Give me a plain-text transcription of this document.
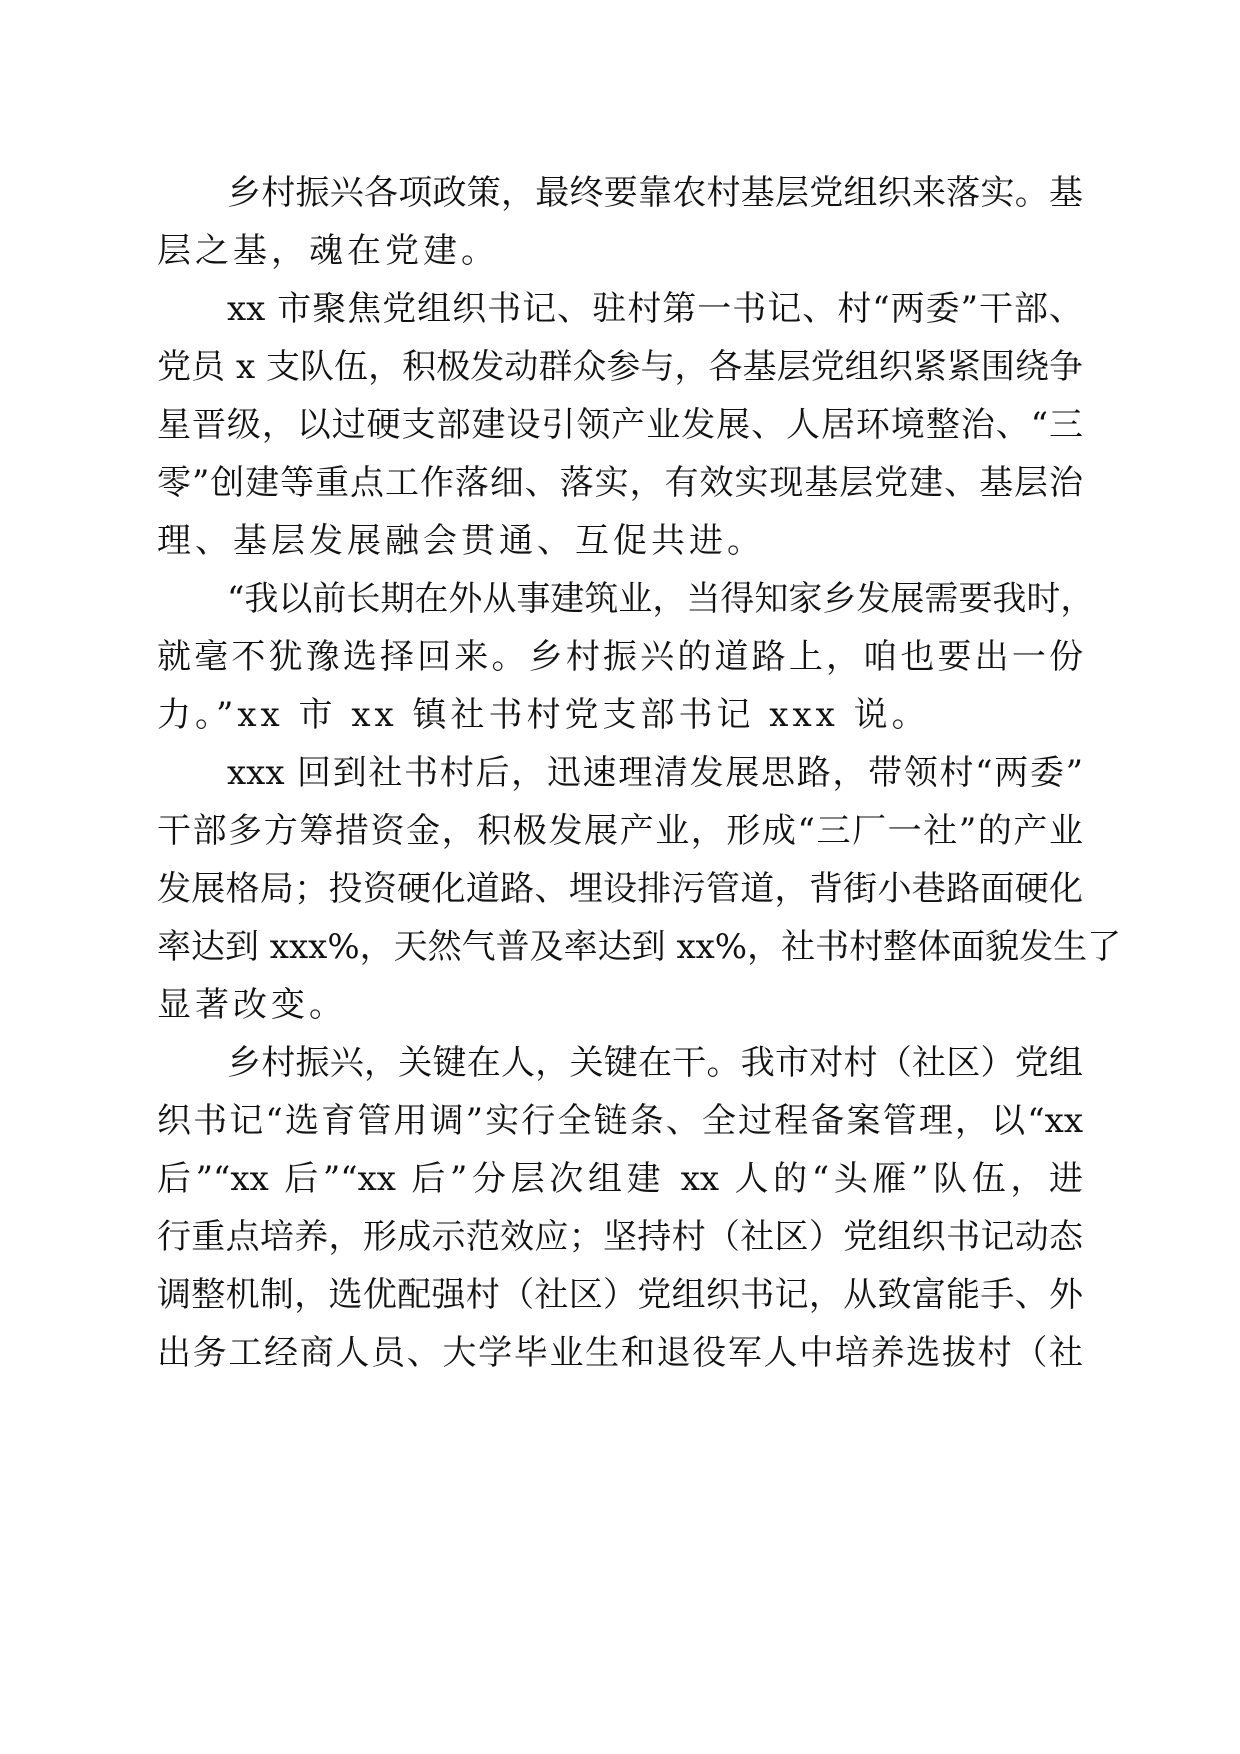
乡村振兴各项政策，最终要靠农村基层党组织来落实。基
层之基，魂在党建。
xx 市聚焦党组织书记、驻村第一书记、村“两委”干部、
党员 x 支队伍，积极发动群众参与，各基层党组织紧紧围绕争
星晋级，以过硬支部建设引领产业发展、人居环境整治、“三
零”创建等重点工作落细、落实，有效实现基层党建、基层治
理、基层发展融会贯通、互促共进。
“我以前长期在外从事建筑业，当得知家乡发展需要我时，
就毫不犹豫选择回来。乡村振兴的道路上，咱也要出一份
力。”xx 市 xx 镇社书村党支部书记 xxx 说。
xxx 回到社书村后，迅速理清发展思路，带领村“两委”
干部多方筹措资金，积极发展产业，形成“三厂一社”的产业
发展格局；投资硬化道路、埋设排污管道，背街小巷路面硬化
率达到 xxx%，天然气普及率达到 xx%，社书村整体面貌发生了
显著改变。
乡村振兴，关键在人，关键在干。我市对村（社区）党组
织书记“选育管用调”实行全链条、全过程备案管理，以“xx
后”“xx 后”“xx 后”分层次组建 xx 人的“头雁”队伍，进
行重点培养，形成示范效应；坚持村（社区）党组织书记动态
调整机制，选优配强村（社区）党组织书记，从致富能手、外
出务工经商人员、大学毕业生和退役军人中培养选拔村（社
